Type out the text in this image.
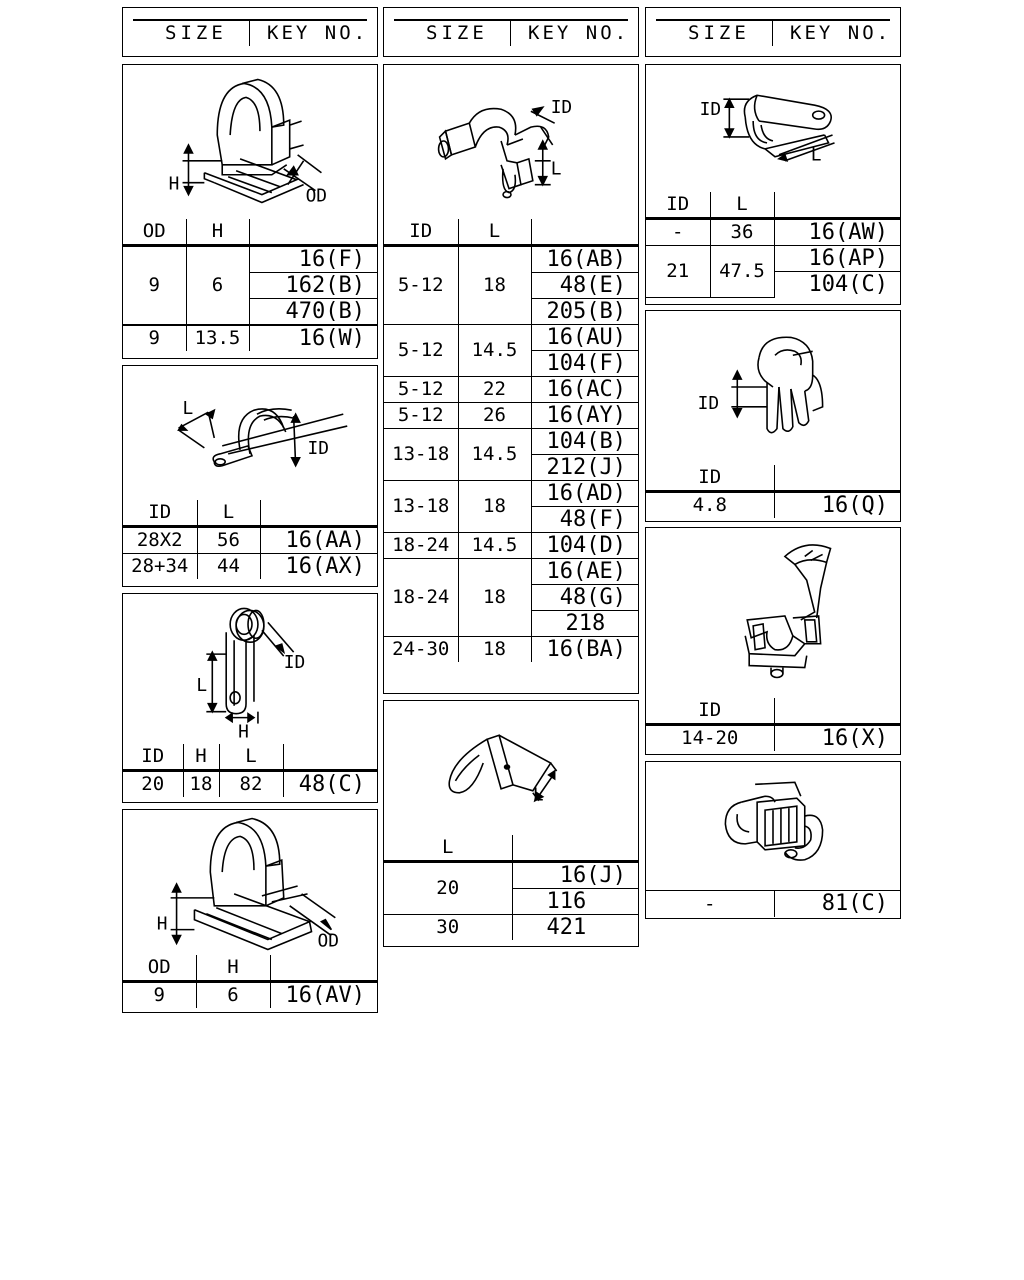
SIZE KEY NO.	SIZE KEY NO.	SIZE KEY NO.
H
OD
OD	H	
9	6	16(F)
		162(B)
		470(B)
9	13.5	16(W)
L
ID
ID	L	
28X2	56	16(AA)
28+34	44	16(AX)
L
ID
H
ID	H	L	
20	18	82	48(C)
H
OD
OD	H	
9	6	16(AV)
ID
L
ID	L	
5-12	18	16(AB)
		48(E)
		205(B)
5-12	14.5	16(AU)
		104(F)
5-12	22	16(AC)
5-12	26	16(AY)
13-18	14.5	104(B)
		212(J)
13-18	18	16(AD)
		48(F)
18-24	14.5	104(D)
18-24	18	16(AE)
		48(G)
		218
24-30	18	16(BA)
L
L	
20	16(J)
	116
30	421
ID
L
ID	L	
-	36	16(AW)
21	47.5	16(AP)
		104(C)
ID
ID	
4.8	16(Q)
ID	
14-20	16(X)
-	81(C)
